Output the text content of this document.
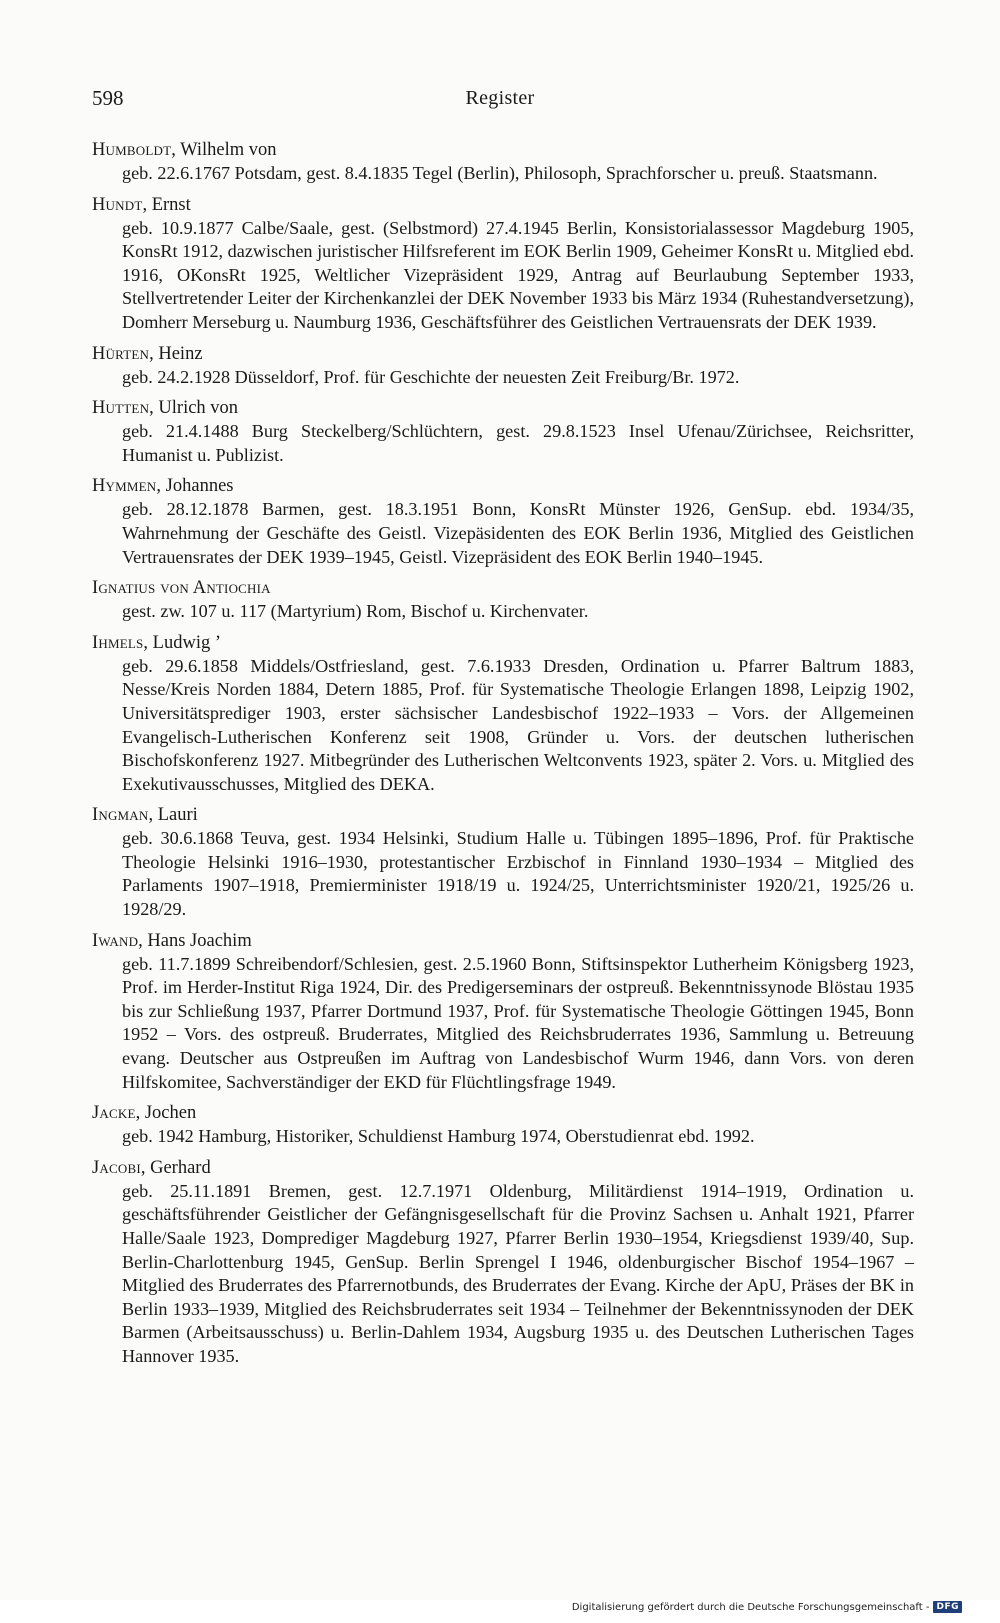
598	Register
Humboldt, Wilhelm von
geb. 22.6.1767 Potsdam, gest. 8.4.1835 Tegel (Berlin), Philosoph, Sprachforscher u. preuß. Staatsmann.
Hundt, Ernst
geb. 10.9.1877 Calbe/Saale, gest. (Selbstmord) 27.4.1945 Berlin, Konsistorialassessor Magdeburg 1905, KonsRt 1912, dazwischen juristischer Hilfsreferent im EOK Berlin 1909, Geheimer KonsRt u. Mitglied ebd. 1916, OKonsRt 1925, Weltlicher Vizepräsident 1929, Antrag auf Beurlaubung September 1933, Stellvertretender Leiter der Kirchenkanzlei der DEK November 1933 bis März 1934 (Ruhestandversetzung), Domherr Merseburg u. Naumburg 1936, Geschäftsführer des Geistlichen Vertrauensrats der DEK 1939.
Hürten, Heinz
geb. 24.2.1928 Düsseldorf, Prof. für Geschichte der neuesten Zeit Freiburg/Br. 1972.
Hutten, Ulrich von
geb. 21.4.1488 Burg Steckelberg/Schlüchtern, gest. 29.8.1523 Insel Ufenau/Zürichsee, Reichsritter, Humanist u. Publizist.
Hymmen, Johannes
geb. 28.12.1878 Barmen, gest. 18.3.1951 Bonn, KonsRt Münster 1926, GenSup. ebd. 1934/35, Wahrnehmung der Geschäfte des Geistl. Vizepäsidenten des EOK Berlin 1936, Mitglied des Geistlichen Vertrauensrates der DEK 1939–1945, Geistl. Vizepräsident des EOK Berlin 1940–1945.
Ignatius von Antiochia
gest. zw. 107 u. 117 (Martyrium) Rom, Bischof u. Kirchenvater.
Ihmels, Ludwig ’
geb. 29.6.1858 Middels/Ostfriesland, gest. 7.6.1933 Dresden, Ordination u. Pfarrer Baltrum 1883, Nesse/Kreis Norden 1884, Detern 1885, Prof. für Systematische Theologie Erlangen 1898, Leipzig 1902, Universitätsprediger 1903, erster sächsischer Landesbischof 1922–1933 – Vors. der Allgemeinen Evangelisch-Lutherischen Konferenz seit 1908, Gründer u. Vors. der deutschen lutherischen Bischofskonferenz 1927. Mitbegründer des Lutherischen Weltconvents 1923, später 2. Vors. u. Mitglied des Exekutivausschusses, Mitglied des DEKA.
Ingman, Lauri
geb. 30.6.1868 Teuva, gest. 1934 Helsinki, Studium Halle u. Tübingen 1895–1896, Prof. für Praktische Theologie Helsinki 1916–1930, protestantischer Erzbischof in Finnland 1930–1934 – Mitglied des Parlaments 1907–1918, Premierminister 1918/19 u. 1924/25, Unterrichtsminister 1920/21, 1925/26 u. 1928/29.
Iwand, Hans Joachim
geb. 11.7.1899 Schreibendorf/Schlesien, gest. 2.5.1960 Bonn, Stiftsinspektor Lutherheim Königsberg 1923, Prof. im Herder-Institut Riga 1924, Dir. des Predigerseminars der ostpreuß. Bekenntnissynode Blöstau 1935 bis zur Schließung 1937, Pfarrer Dortmund 1937, Prof. für Systematische Theologie Göttingen 1945, Bonn 1952 – Vors. des ostpreuß. Bruderrates, Mitglied des Reichsbruderrates 1936, Sammlung u. Betreuung evang. Deutscher aus Ostpreußen im Auftrag von Landesbischof Wurm 1946, dann Vors. von deren Hilfskomitee, Sachverständiger der EKD für Flüchtlingsfrage 1949.
Jacke, Jochen
geb. 1942 Hamburg, Historiker, Schuldienst Hamburg 1974, Oberstudienrat ebd. 1992.
Jacobi, Gerhard
geb. 25.11.1891 Bremen, gest. 12.7.1971 Oldenburg, Militärdienst 1914–1919, Ordination u. geschäftsführender Geistlicher der Gefängnisgesellschaft für die Provinz Sachsen u. Anhalt 1921, Pfarrer Halle/Saale 1923, Domprediger Magdeburg 1927, Pfarrer Berlin 1930–1954, Kriegsdienst 1939/40, Sup. Berlin-Charlottenburg 1945, GenSup. Berlin Sprengel I 1946, oldenburgischer Bischof 1954–1967 – Mitglied des Bruderrates des Pfarrernotbunds, des Bruderrates der Evang. Kirche der ApU, Präses der BK in Berlin 1933–1939, Mitglied des Reichsbruderrates seit 1934 – Teilnehmer der Bekenntnissynoden der DEK Barmen (Arbeitsausschuss) u. Berlin-Dahlem 1934, Augsburg 1935 u. des Deutschen Lutherischen Tages Hannover 1935.
Digitalisierung gefördert durch die Deutsche Forschungsgemeinschaft - DFG
